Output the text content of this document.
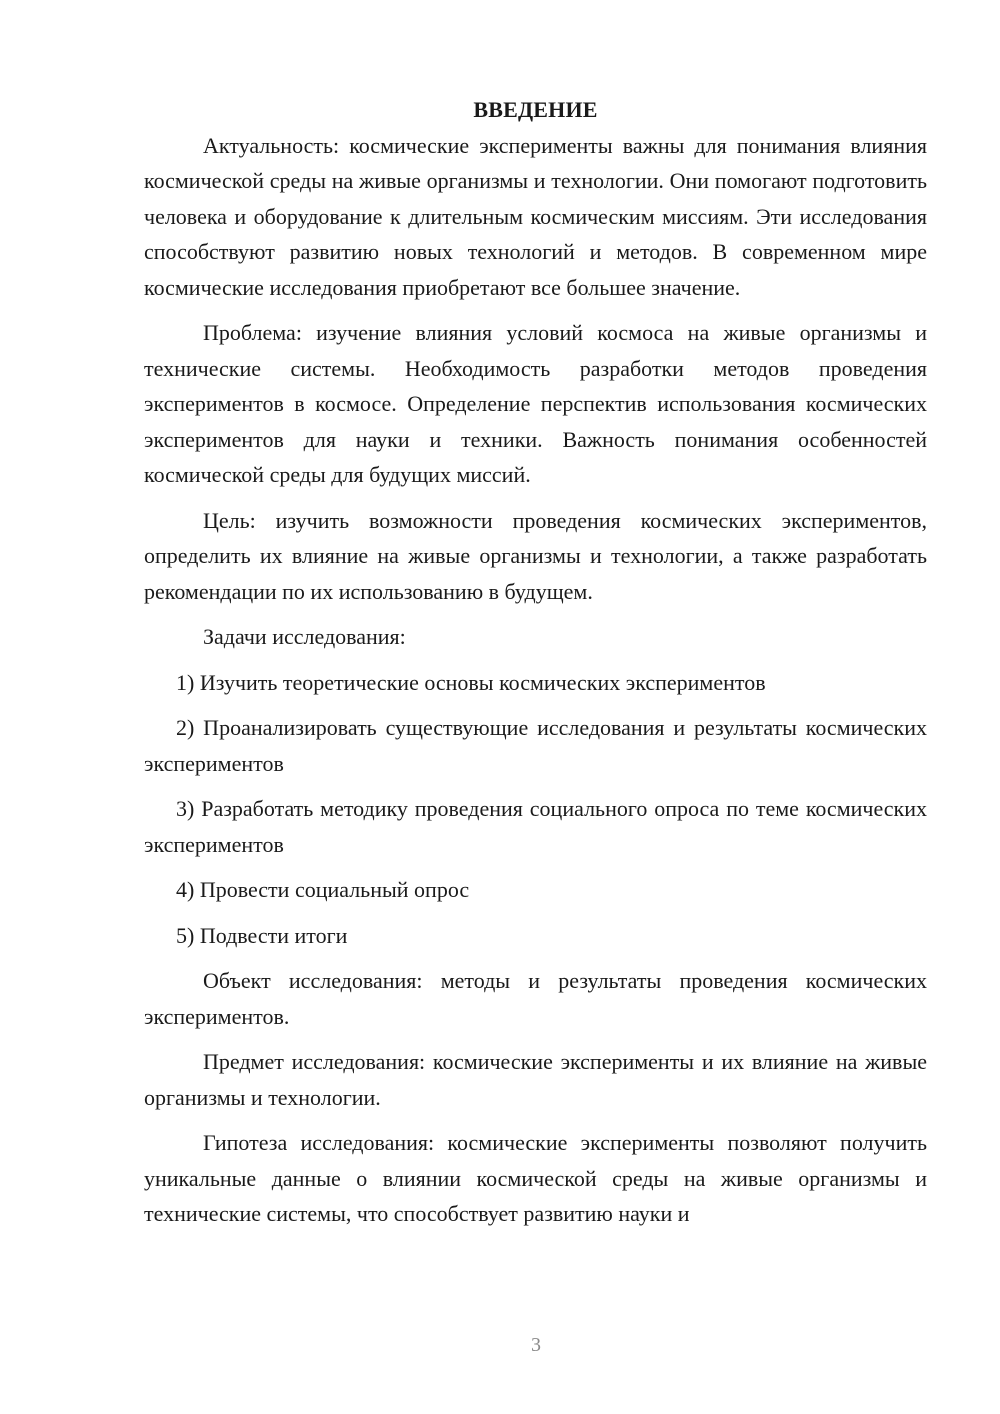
ВВЕДЕНИЕ

Актуальность: космические эксперименты важны для понимания влияния космической среды на живые организмы и технологии. Они помогают подготовить человека и оборудование к длительным космическим миссиям. Эти исследования способствуют развитию новых технологий и методов. В современном мире космические исследования приобретают все большее значение.

Проблема: изучение влияния условий космоса на живые организмы и технические системы. Необходимость разработки методов проведения экспериментов в космосе. Определение перспектив использования космических экспериментов для науки и техники. Важность понимания особенностей космической среды для будущих миссий.

Цель: изучить возможности проведения космических экспериментов, определить их влияние на живые организмы и технологии, а также разработать рекомендации по их использованию в будущем.

Задачи исследования:

1) Изучить теоретические основы космических экспериментов

2) Проанализировать существующие исследования и результаты космических экспериментов

3) Разработать методику проведения социального опроса по теме космических экспериментов

4) Провести социальный опрос

5) Подвести итоги

Объект исследования: методы и результаты проведения космических экспериментов.

Предмет исследования: космические эксперименты и их влияние на живые организмы и технологии.

Гипотеза исследования: космические эксперименты позволяют получить уникальные данные о влиянии космической среды на живые организмы и технические системы, что способствует развитию науки и

3
